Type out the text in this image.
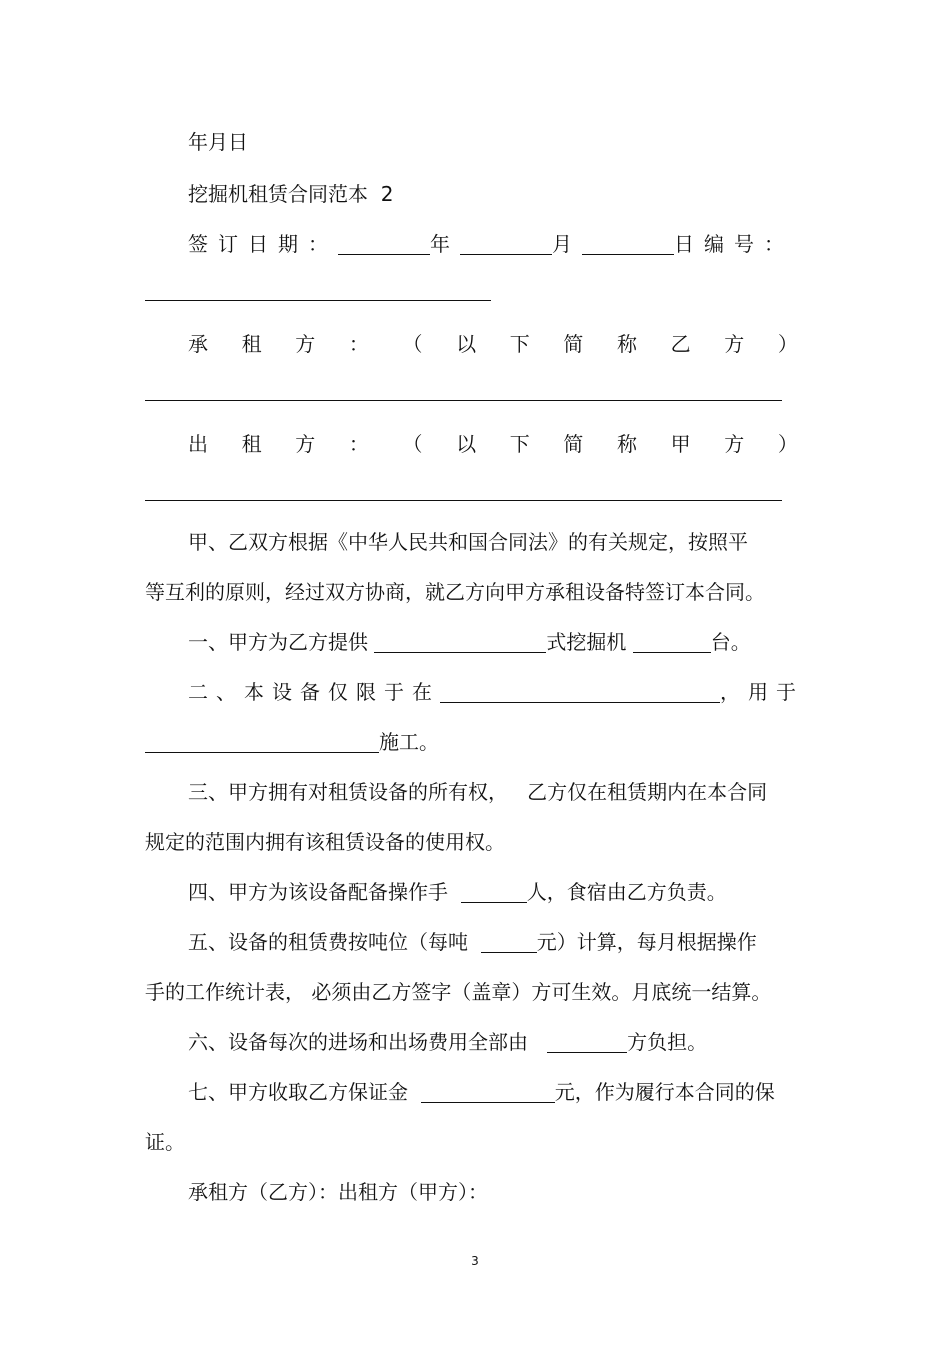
年月日
挖掘机租赁合同范本 2
签订日期：	年	月	日编号：
承 租 方 ： （ 以 下 简 称 乙 方 ）
出 租 方 ： （ 以 下 简 称 甲 方 ）
甲、乙双方根据《中华人民共和国合同法》的有关规定，按照平
等互利的原则，经过双方协商，就乙方向甲方承租设备特签订本合同。
一、甲方为乙方提供	式挖掘机	台。
二、本设备仅限于在	，用于
施工。
三、甲方拥有对租赁设备的所有权，   乙方仅在租赁期内在本合同
规定的范围内拥有该租赁设备的使用权。
四、甲方为该设备配备操作手	人，食宿由乙方负责。
五、设备的租赁费按吨位（每吨	元）计算，每月根据操作
手的工作统计表， 必须由乙方签字（盖章）方可生效。月底统一结算。
六、设备每次的进场和出场费用全部由	方负担。
七、甲方收取乙方保证金	元，作为履行本合同的保
证。
承租方（乙方）：出租方（甲方）：
3
